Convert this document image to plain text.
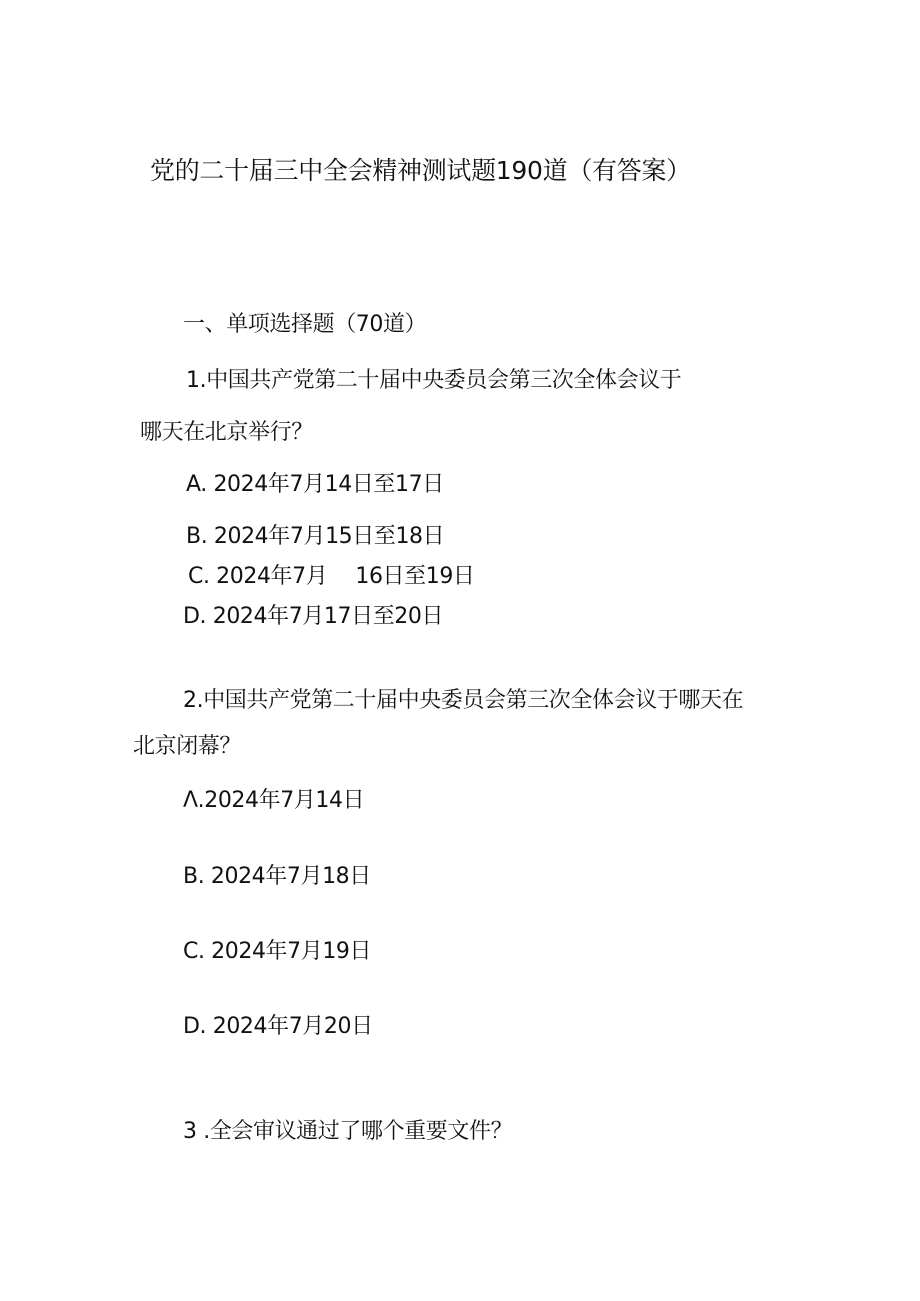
党的二十届三中全会精神测试题190道（有答案）
一、单项选择题（70道）
1.中国共产党第二十届中央委员会第三次全体会议于
哪天在北京举行？
A. 2024年7月14日至17日
B. 2024年7月15日至18日
C. 2024年7月 16日至19日
D. 2024年7月17日至20日
2.中国共产党第二十届中央委员会第三次全体会议于哪天在
北京闭幕？
Λ.2024年7月14日
B. 2024年7月18日
C. 2024年7月19日
D. 2024年7月20日
3 .全会审议通过了哪个重要文件？
